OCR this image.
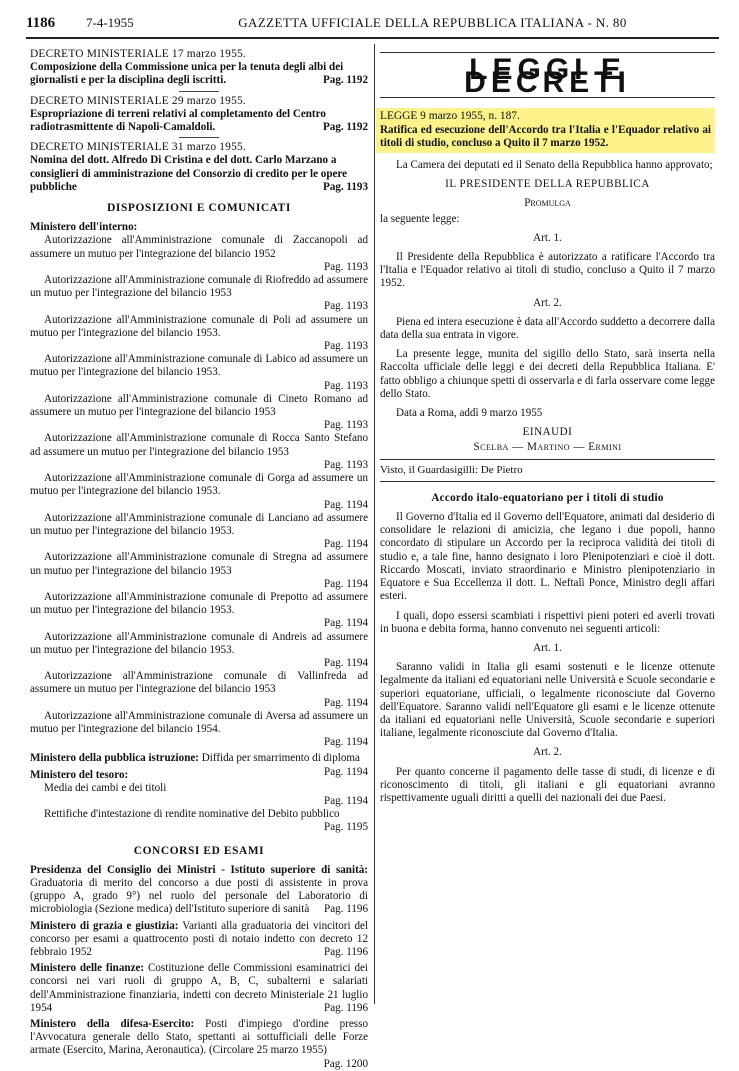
1186	7-4-1955	GAZZETTA UFFICIALE DELLA REPUBBLICA ITALIANA - N. 80
DECRETO MINISTERIALE 17 marzo 1955.
Composizione della Commissione unica per la tenuta degli albi dei giornalisti e per la disciplina degli iscritti.	Pag. 1192
DECRETO MINISTERIALE 29 marzo 1955.
Espropriazione di terreni relativi al completamento del Centro radiotrasmittente di Napoli-Camaldoli.	Pag. 1192
DECRETO MINISTERIALE 31 marzo 1955.
Nomina del dott. Alfredo Di Cristina e del dott. Carlo Marzano a consiglieri di amministrazione del Consorzio di credito per le opere pubbliche	Pag. 1193
DISPOSIZIONI E COMUNICATI
Ministero dell'interno:
Autorizzazione all'Amministrazione comunale di Zaccanopoli ad assumere un mutuo per l'integrazione del bilancio 1952
Pag. 1193
Autorizzazione all'Amministrazione comunale di Riofreddo ad assumere un mutuo per l'integrazione del bilancio 1953
Pag. 1193
Autorizzazione all'Amministrazione comunale di Poli ad assumere un mutuo per l'integrazione del bilancio 1953.
Pag. 1193
Autorizzazione all'Amministrazione comunale di Labico ad assumere un mutuo per l'integrazione del bilancio 1953.
Pag. 1193
Autorizzazione all'Amministrazione comunale di Cineto Romano ad assumere un mutuo per l'integrazione del bilancio 1953
Pag. 1193
Autorizzazione all'Amministrazione comunale di Rocca Santo Stefano ad assumere un mutuo per l'integrazione del bilancio 1953
Pag. 1193
Autorizzazione all'Amministrazione comunale di Gorga ad assumere un mutuo per l'integrazione del bilancio 1953.
Pag. 1194
Autorizzazione all'Amministrazione comunale di Lanciano ad assumere un mutuo per l'integrazione del bilancio 1953.
Pag. 1194
Autorizzazione all'Amministrazione comunale di Stregna ad assumere un mutuo per l'integrazione del bilancio 1953
Pag. 1194
Autorizzazione all'Amministrazione comunale di Prepotto ad assumere un mutuo per l'integrazione del bilancio 1953.
Pag. 1194
Autorizzazione all'Amministrazione comunale di Andreis ad assumere un mutuo per l'integrazione del bilancio 1953.
Pag. 1194
Autorizzazione all'Amministrazione comunale di Vallinfreda ad assumere un mutuo per l'integrazione del bilancio 1953
Pag. 1194
Autorizzazione all'Amministrazione comunale di Aversa ad assumere un mutuo per l'integrazione del bilancio 1954.
Pag. 1194
Ministero della pubblica istruzione: Diffida per smarrimento di diploma
Pag. 1194
Ministero del tesoro:
Media dei cambi e dei titoli
Pag. 1194
Rettifiche d'intestazione di rendite nominative del Debito pubblico
Pag. 1195
CONCORSI ED ESAMI
Presidenza del Consiglio dei Ministri - Istituto superiore di sanità: Graduatoria di merito del concorso a due posti di assistente in prova (gruppo A, grado 9°) nel ruolo del personale del Laboratorio di microbiologia (Sezione medica) dell'Istituto superiore di sanità Pag. 1196
Ministero di grazia e giustizia: Varianti alla graduatoria dei vincitori del concorso per esami a quattrocento posti di notaio indetto con decreto 12 febbraio 1952	Pag. 1196
Ministero delle finanze: Costituzione delle Commissioni esaminatrici dei concorsi nei vari ruoli di gruppo A, B, C, subalterni e salariati dell'Amministrazione finanziaria, indetti con decreto Ministeriale 21 luglio 1954	Pag. 1196
Ministero della difesa-Esercito: Posti d'impiego d'ordine presso l'Avvocatura generale dello Stato, spettanti ai sottufficiali delle Forze armate (Esercito, Marina, Aeronautica). (Circolare 25 marzo 1955)
Pag. 1200
LEGGI E DECRETI
LEGGE 9 marzo 1955, n. 187.
Ratifica ed esecuzione dell'Accordo tra l'Italia e l'Equador relativo ai titoli di studio, concluso a Quito il 7 marzo 1952.
La Camera dei deputati ed il Senato della Repubblica hanno approvato;
IL PRESIDENTE DELLA REPUBBLICA
Promulga
la seguente legge:
Art. 1.
Il Presidente della Repubblica è autorizzato a ratificare l'Accordo tra l'Italia e l'Equador relativo ai titoli di studio, concluso a Quito il 7 marzo 1952.
Art. 2.
Piena ed intera esecuzione è data all'Accordo suddetto a decorrere dalla data della sua entrata in vigore.
La presente legge, munita del sigillo dello Stato, sarà inserta nella Raccolta ufficiale delle leggi e dei decreti della Repubblica Italiana. E' fatto obbligo a chiunque spetti di osservarla e di farla osservare come legge dello Stato.
Data a Roma, addì 9 marzo 1955
EINAUDI
Scelba — Martino — Ermini
Visto, il Guardasigilli: De Pietro
Accordo italo-equatoriano per i titoli di studio
Il Governo d'Italia ed il Governo dell'Equatore, animati dal desiderio di consolidare le relazioni di amicizia, che legano i due popoli, hanno concordato di stipulare un Accordo per la reciproca validità dei titoli di studio e, a tale fine, hanno designato i loro Plenipotenziari e cioè il dott. Riccardo Moscati, inviato straordinario e Ministro plenipotenziario in Equatore e Sua Eccellenza il dott. L. Neftalì Ponce, Ministro degli affari esteri.
I quali, dopo essersi scambiati i rispettivi pieni poteri ed averli trovati in buona e debita forma, hanno convenuto nei seguenti articoli:
Art. 1.
Saranno validi in Italia gli esami sostenuti e le licenze ottenute legalmente da italiani ed equatoriani nelle Università e Scuole secondarie e superiori equatoriane, ufficiali, o legalmente riconosciute dal Governo dell'Equatore. Saranno validi nell'Equatore gli esami e le licenze ottenute da italiani ed equatoriani nelle Università, Scuole secondarie e superiori italiane, legalmente riconosciute dal Governo d'Italia.
Art. 2.
Per quanto concerne il pagamento delle tasse di studi, di licenze e di riconoscimento di titoli, gli italiani e gli equatoriani avranno rispettivamente uguali diritti a quelli dei nazionali dei due Paesi.
